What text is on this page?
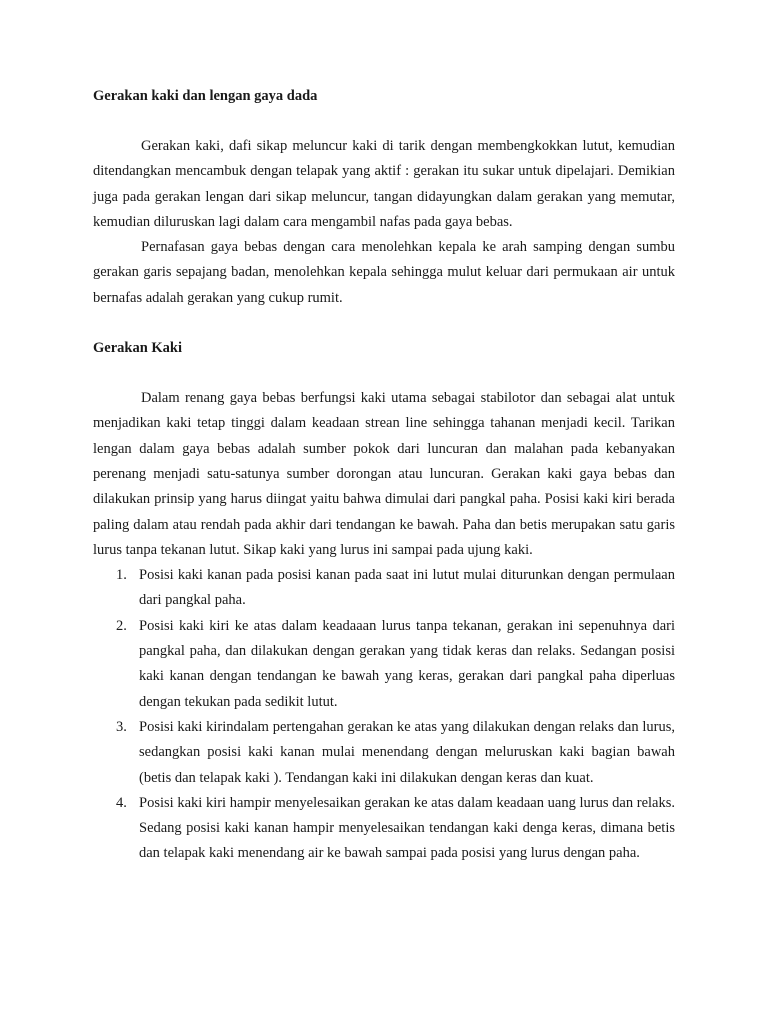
Gerakan kaki dan lengan gaya dada

Gerakan kaki, dafi sikap meluncur kaki di tarik dengan membengkokkan lutut, kemudian ditendangkan mencambuk dengan telapak yang aktif : gerakan itu sukar untuk dipelajari. Demikian juga pada gerakan lengan dari sikap meluncur, tangan didayungkan dalam gerakan yang memutar, kemudian diluruskan lagi dalam cara mengambil nafas pada gaya bebas.

Pernafasan gaya bebas dengan cara menolehkan kepala ke arah samping dengan sumbu gerakan garis sepajang badan, menolehkan kepala sehingga mulut keluar dari permukaan air untuk bernafas adalah gerakan yang cukup rumit.

Gerakan Kaki

Dalam renang gaya bebas berfungsi kaki utama sebagai stabilotor dan sebagai alat untuk menjadikan kaki tetap tinggi dalam keadaan strean line sehingga tahanan menjadi kecil. Tarikan lengan dalam gaya bebas adalah sumber pokok dari luncuran dan malahan pada kebanyakan perenang menjadi satu-satunya sumber dorongan atau luncuran. Gerakan kaki gaya bebas dan dilakukan prinsip yang harus diingat yaitu bahwa dimulai dari pangkal paha. Posisi kaki kiri berada paling dalam atau rendah pada akhir dari tendangan ke bawah. Paha dan betis merupakan satu garis lurus tanpa tekanan lutut. Sikap kaki yang lurus ini sampai pada ujung kaki.

1. Posisi kaki kanan pada posisi kanan pada saat ini lutut mulai diturunkan dengan permulaan dari pangkal paha.
2. Posisi kaki kiri ke atas dalam keadaaan lurus tanpa tekanan, gerakan ini sepenuhnya dari pangkal paha, dan dilakukan dengan gerakan yang tidak keras dan relaks. Sedangan posisi kaki kanan dengan tendangan ke bawah yang keras, gerakan dari pangkal paha diperluas dengan tekukan pada sedikit lutut.
3. Posisi kaki kirindalam pertengahan gerakan ke atas yang dilakukan dengan relaks dan lurus, sedangkan posisi kaki kanan mulai menendang dengan meluruskan kaki bagian bawah (betis dan telapak kaki ). Tendangan kaki ini dilakukan dengan keras dan kuat.
4. Posisi kaki kiri hampir menyelesaikan gerakan ke atas dalam keadaan uang lurus dan relaks. Sedang posisi kaki kanan hampir menyelesaikan tendangan kaki denga keras, dimana betis dan telapak kaki menendang air ke bawah sampai pada posisi yang lurus dengan paha.
